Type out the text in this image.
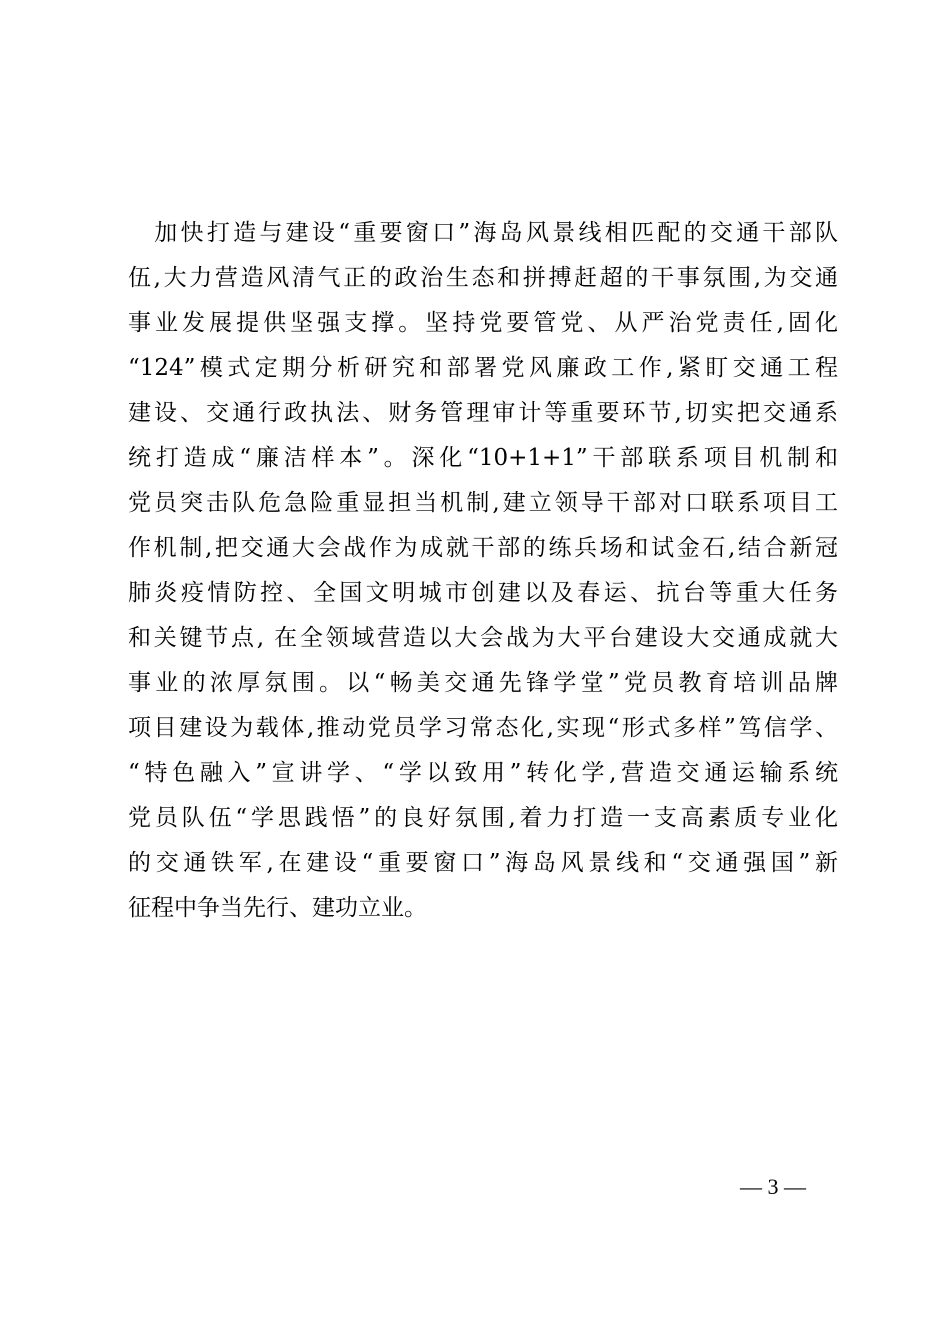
　加快打造与建设“重要窗口”海岛风景线相匹配的交通干部队
伍,大力营造风清气正的政治生态和拼搏赶超的干事氛围,为交通
事业发展提供坚强支撑。坚持党要管党、从严治党责任,固化
“124”模式定期分析研究和部署党风廉政工作,紧盯交通工程
建设、交通行政执法、财务管理审计等重要环节,切实把交通系
统打造成“廉洁样本”。深化“10+1+1”干部联系项目机制和
党员突击队危急险重显担当机制,建立领导干部对口联系项目工
作机制,把交通大会战作为成就干部的练兵场和试金石,结合新冠
肺炎疫情防控、全国文明城市创建以及春运、抗台等重大任务
和关键节点, 在全领域营造以大会战为大平台建设大交通成就大
事业的浓厚氛围。以“畅美交通先锋学堂”党员教育培训品牌
项目建设为载体,推动党员学习常态化,实现“形式多样”笃信学、
“特色融入”宣讲学、“学以致用”转化学,营造交通运输系统
党员队伍“学思践悟”的良好氛围,着力打造一支高素质专业化
的交通铁军,在建设“重要窗口”海岛风景线和“交通强国”新
征程中争当先行、建功立业。
— 3 —
